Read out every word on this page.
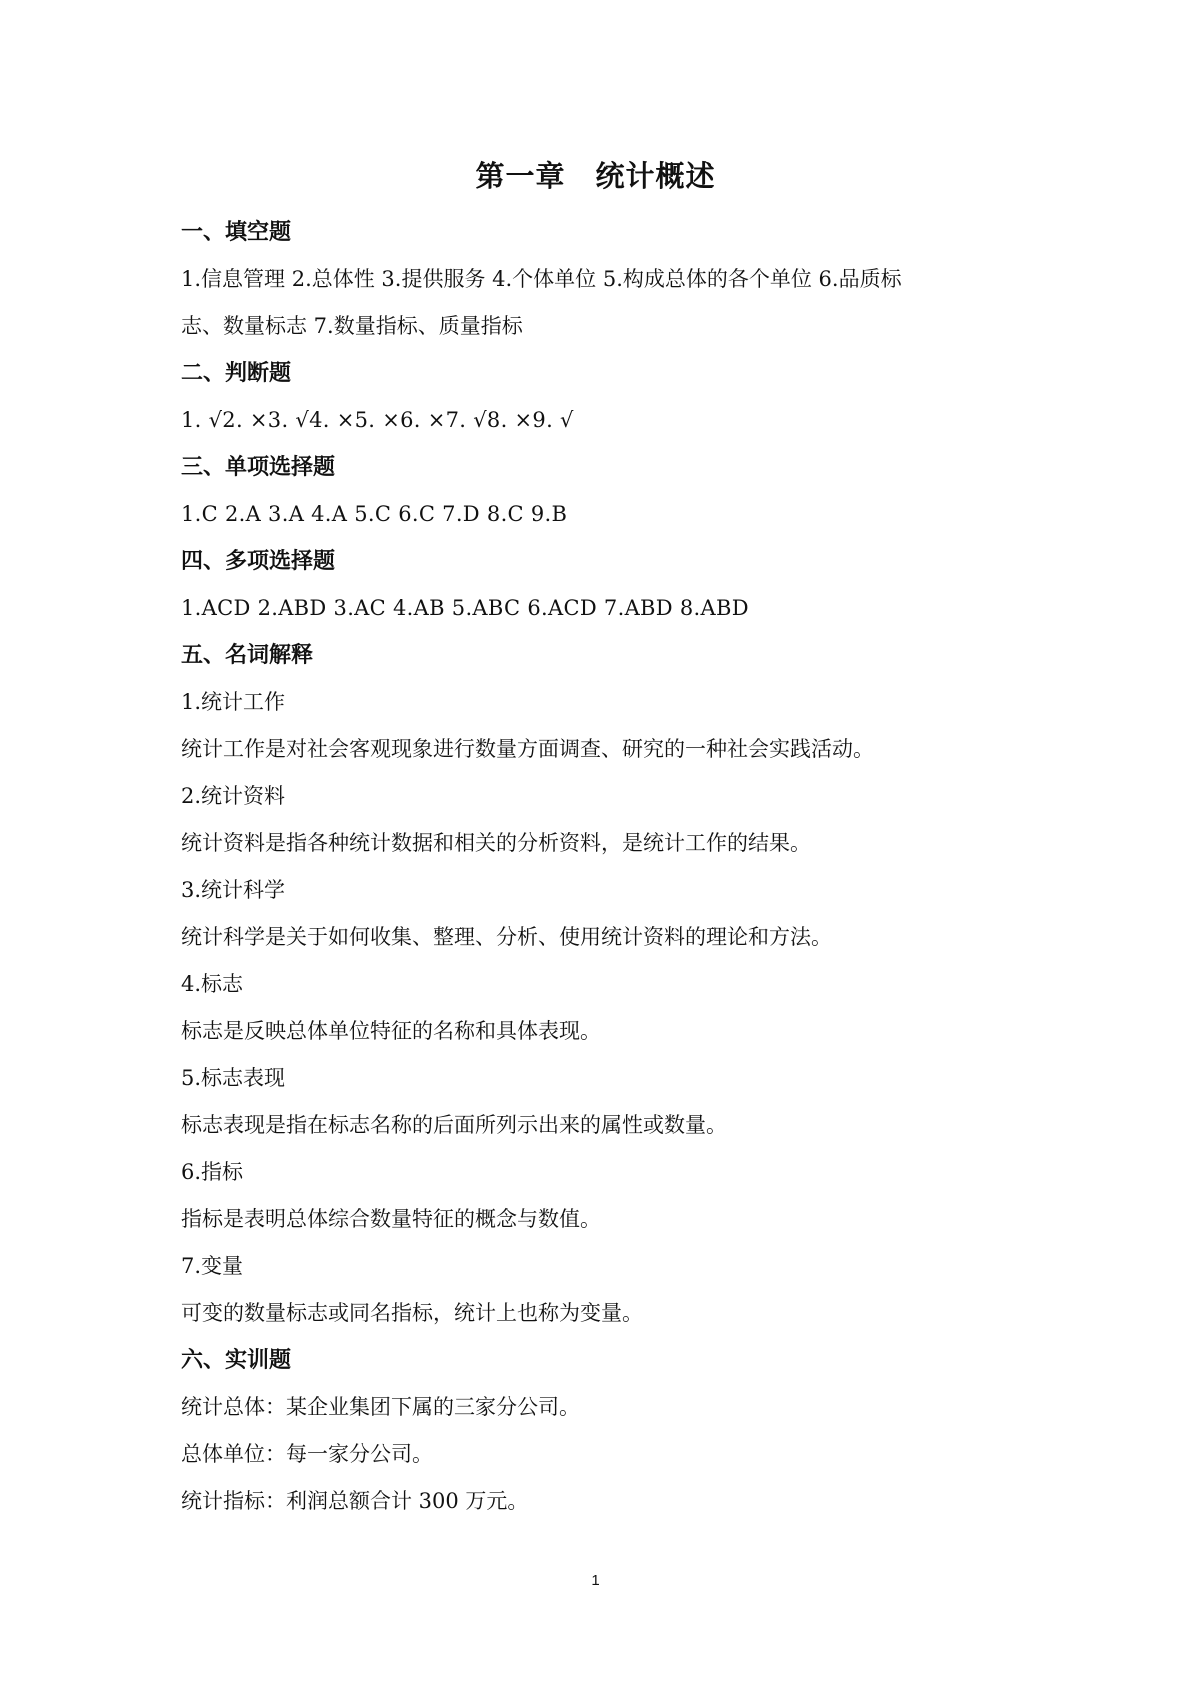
第一章　统计概述
一、填空题
1.信息管理 2.总体性 3.提供服务 4.个体单位 5.构成总体的各个单位 6.品质标
志、数量标志 7.数量指标、质量指标
二、判断题
1. √2. ×3. √4. ×5. ×6. ×7. √8. ×9. √
三、单项选择题
1.C 2.A 3.A 4.A 5.C 6.C 7.D 8.C 9.B
四、多项选择题
1.ACD 2.ABD 3.AC 4.AB 5.ABC 6.ACD 7.ABD 8.ABD
五、名词解释
1.统计工作
统计工作是对社会客观现象进行数量方面调查、研究的一种社会实践活动。
2.统计资料
统计资料是指各种统计数据和相关的分析资料，是统计工作的结果。
3.统计科学
统计科学是关于如何收集、整理、分析、使用统计资料的理论和方法。
4.标志
标志是反映总体单位特征的名称和具体表现。
5.标志表现
标志表现是指在标志名称的后面所列示出来的属性或数量。
6.指标
指标是表明总体综合数量特征的概念与数值。
7.变量
可变的数量标志或同名指标，统计上也称为变量。
六、实训题
统计总体：某企业集团下属的三家分公司。
总体单位：每一家分公司。
统计指标：利润总额合计 300 万元。
1
